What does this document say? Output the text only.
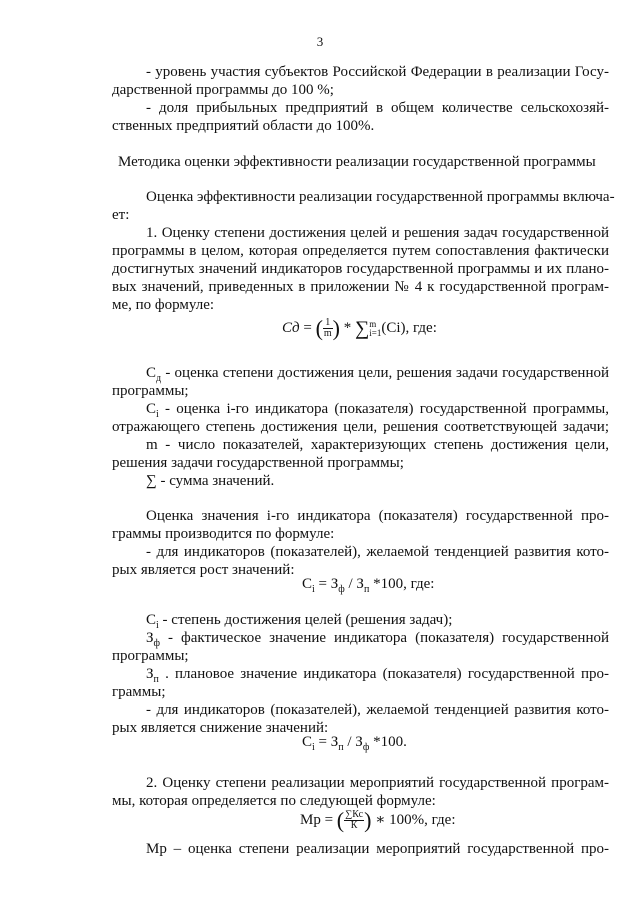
3
- уровень участия субъектов Российской Федерации в реализации Госу-
дарственной программы до 100 %;
- доля прибыльных предприятий в общем количестве сельскохозяй-
ственных предприятий области до 100%.
Методика оценки эффективности реализации государственной программы
Оценка эффективности реализации государственной программы включа-
ет:
1. Оценку степени достижения целей и решения задач государственной
программы в целом, которая определяется путем сопоставления фактически
достигнутых значений индикаторов государственной программы и их плано-
вых значений, приведенных в приложении № 4 к государственной програм-
ме, по формуле:
Сд = ( $\frac{1}{m}$ ) * ∑ m
i=1 (Ci), где:
$С_д$ - оценка степени достижения цели, решения задачи государственной
программы;
$С_i$ - оценка i-го индикатора (показателя) государственной программы,
отражающего степень достижения цели, решения соответствующей задачи;
m - число показателей, характеризующих степень достижения цели,
решения задачи государственной программы;
∑ - сумма значений.
Оценка значения i-го индикатора (показателя) государственной про-
граммы производится по формуле:
- для индикаторов (показателей), желаемой тенденцией развития кото-
рых является рост значений:
$С_i = З_ф / З_п$ *100, где:
$С_i$ - степень достижения целей (решения задач);
$З_ф$ - фактическое значение индикатора (показателя) государственной
программы;
$З_п$ . плановое значение индикатора (показателя) государственной про-
граммы;
- для индикаторов (показателей), желаемой тенденцией развития кото-
рых является снижение значений:
$С_i = З_п / З_ф$ *100.
2. Оценку степени реализации мероприятий государственной програм-
мы, которая определяется по следующей формуле:
Мр = ( $\frac{\sum Кс}{К}$ ) ∗ 100%, где:
Мр – оценка степени реализации мероприятий государственной про-
